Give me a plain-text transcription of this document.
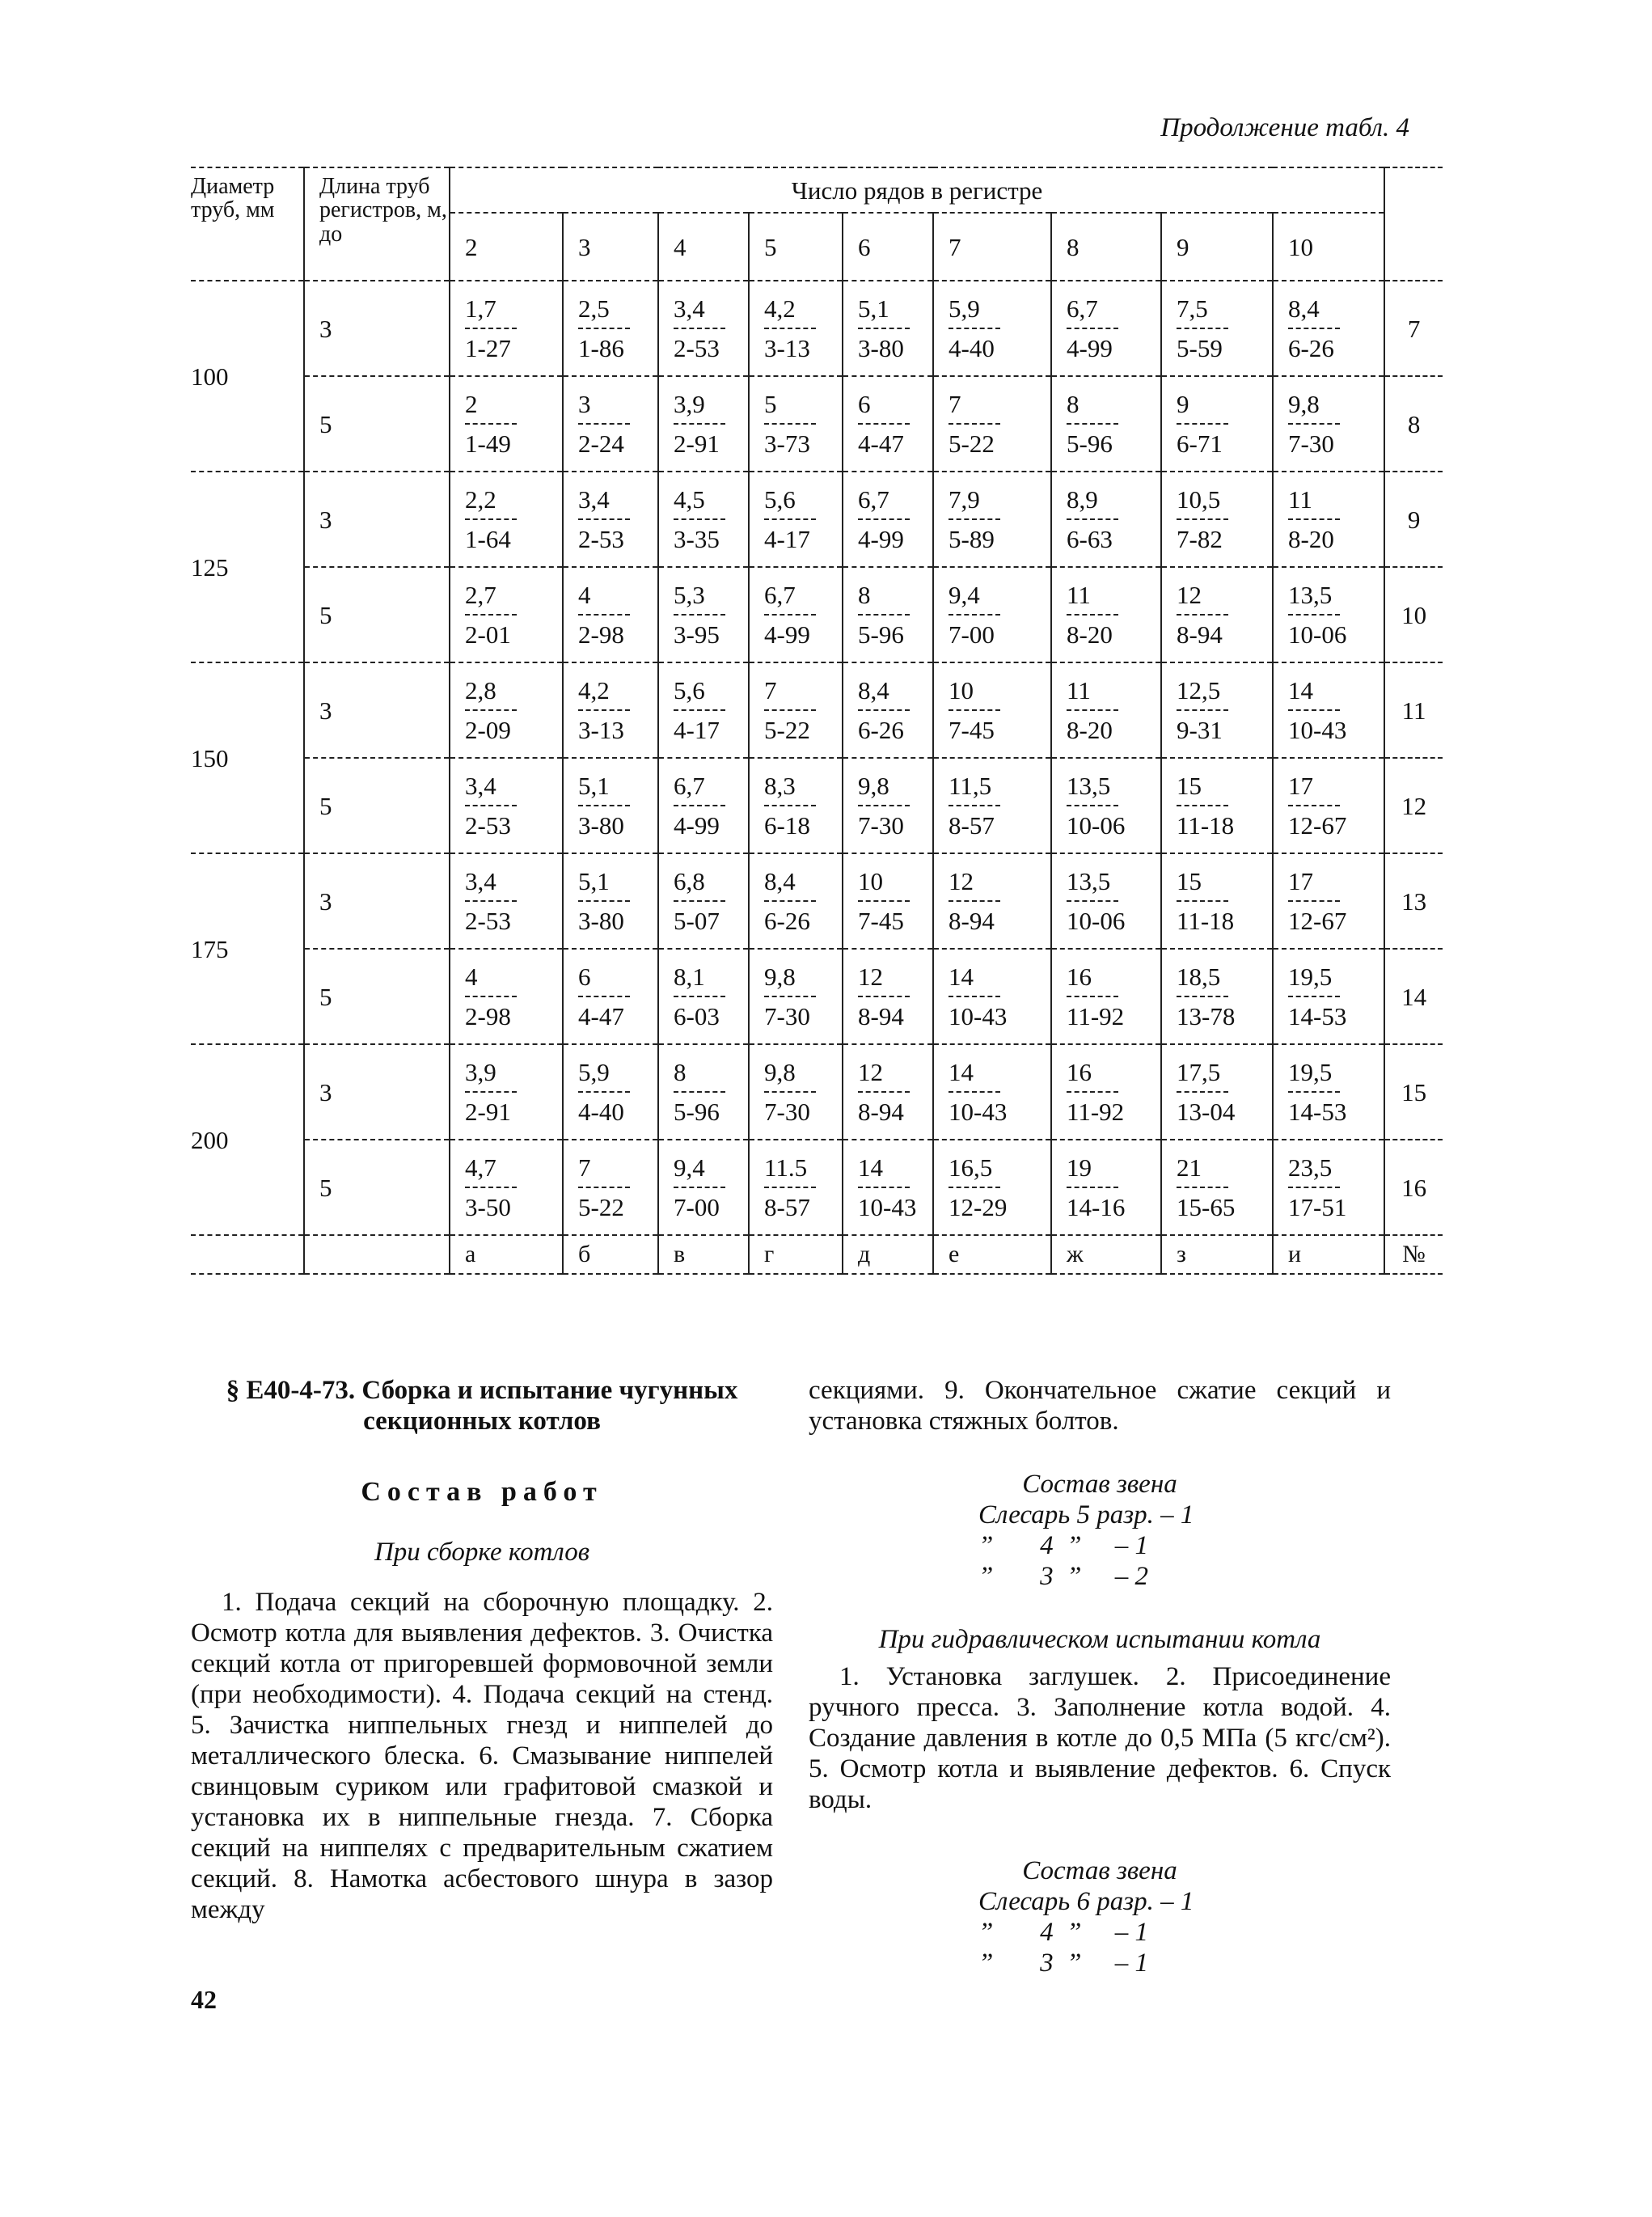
Продолжение табл. 4
Диаметр труб, мм	Длина труб регистров, м, до	Число рядов в регистре									
		2	3	4	5	6	7	8	9	10	
100	3	$\frac{1,7}{1-27}$	$\frac{2,5}{1-86}$	$\frac{3,4}{2-53}$	$\frac{4,2}{3-13}$	$\frac{5,1}{3-80}$	$\frac{5,9}{4-40}$	$\frac{6,7}{4-99}$	$\frac{7,5}{5-59}$	$\frac{8,4}{6-26}$	7
	5	$\frac{2}{1-49}$	$\frac{3}{2-24}$	$\frac{3,9}{2-91}$	$\frac{5}{3-73}$	$\frac{6}{4-47}$	$\frac{7}{5-22}$	$\frac{8}{5-96}$	$\frac{9}{6-71}$	$\frac{9,8}{7-30}$	8
125	3	$\frac{2,2}{1-64}$	$\frac{3,4}{2-53}$	$\frac{4,5}{3-35}$	$\frac{5,6}{4-17}$	$\frac{6,7}{4-99}$	$\frac{7,9}{5-89}$	$\frac{8,9}{6-63}$	$\frac{10,5}{7-82}$	$\frac{11}{8-20}$	9
	5	$\frac{2,7}{2-01}$	$\frac{4}{2-98}$	$\frac{5,3}{3-95}$	$\frac{6,7}{4-99}$	$\frac{8}{5-96}$	$\frac{9,4}{7-00}$	$\frac{11}{8-20}$	$\frac{12}{8-94}$	$\frac{13,5}{10-06}$	10
150	3	$\frac{2,8}{2-09}$	$\frac{4,2}{3-13}$	$\frac{5,6}{4-17}$	$\frac{7}{5-22}$	$\frac{8,4}{6-26}$	$\frac{10}{7-45}$	$\frac{11}{8-20}$	$\frac{12,5}{9-31}$	$\frac{14}{10-43}$	11
	5	$\frac{3,4}{2-53}$	$\frac{5,1}{3-80}$	$\frac{6,7}{4-99}$	$\frac{8,3}{6-18}$	$\frac{9,8}{7-30}$	$\frac{11,5}{8-57}$	$\frac{13,5}{10-06}$	$\frac{15}{11-18}$	$\frac{17}{12-67}$	12
175	3	$\frac{3,4}{2-53}$	$\frac{5,1}{3-80}$	$\frac{6,8}{5-07}$	$\frac{8,4}{6-26}$	$\frac{10}{7-45}$	$\frac{12}{8-94}$	$\frac{13,5}{10-06}$	$\frac{15}{11-18}$	$\frac{17}{12-67}$	13
	5	$\frac{4}{2-98}$	$\frac{6}{4-47}$	$\frac{8,1}{6-03}$	$\frac{9,8}{7-30}$	$\frac{12}{8-94}$	$\frac{14}{10-43}$	$\frac{16}{11-92}$	$\frac{18,5}{13-78}$	$\frac{19,5}{14-53}$	14
200	3	$\frac{3,9}{2-91}$	$\frac{5,9}{4-40}$	$\frac{8}{5-96}$	$\frac{9,8}{7-30}$	$\frac{12}{8-94}$	$\frac{14}{10-43}$	$\frac{16}{11-92}$	$\frac{17,5}{13-04}$	$\frac{19,5}{14-53}$	15
	5	$\frac{4,7}{3-50}$	$\frac{7}{5-22}$	$\frac{9,4}{7-00}$	$\frac{11.5}{8-57}$	$\frac{14}{10-43}$	$\frac{16,5}{12-29}$	$\frac{19}{14-16}$	$\frac{21}{15-65}$	$\frac{23,5}{17-51}$	16
		а	б	в	г	д	е	ж	з	и	№
§ Е40-4-73. Сборка и испытание чугунных секционных котлов
Состав работ
При сборке котлов

1. Подача секций на сборочную площадку. 2. Осмотр котла для выявления дефектов. 3. Очистка секций котла от пригоревшей формовочной земли (при необходимости). 4. Подача секций на стенд. 5. Зачистка ниппельных гнезд и ниппелей до металлического блеска. 6. Смазывание ниппелей свинцовым суриком или графитовой смазкой и установка их в ниппельные гнезда. 7. Сборка секций на ниппелях с предварительным сжатием секций. 8. Намотка асбестового шнура в зазор между

секциями. 9. Окончательное сжатие секций и установка стяжных болтов.

Состав звена
Слесарь 5 разр. – 1
”       4  ”     – 1
”       3  ”     – 2
При гидравлическом испытании котла

1. Установка заглушек. 2. Присоединение ручного пресса. 3. Заполнение котла водой. 4. Создание давления в котле до 0,5 МПа (5 кгс/см²). 5. Осмотр котла и выявление дефектов. 6. Спуск воды.

Состав звена
Слесарь 6 разр. – 1
”       4  ”     – 1
”       3  ”     – 1
42
